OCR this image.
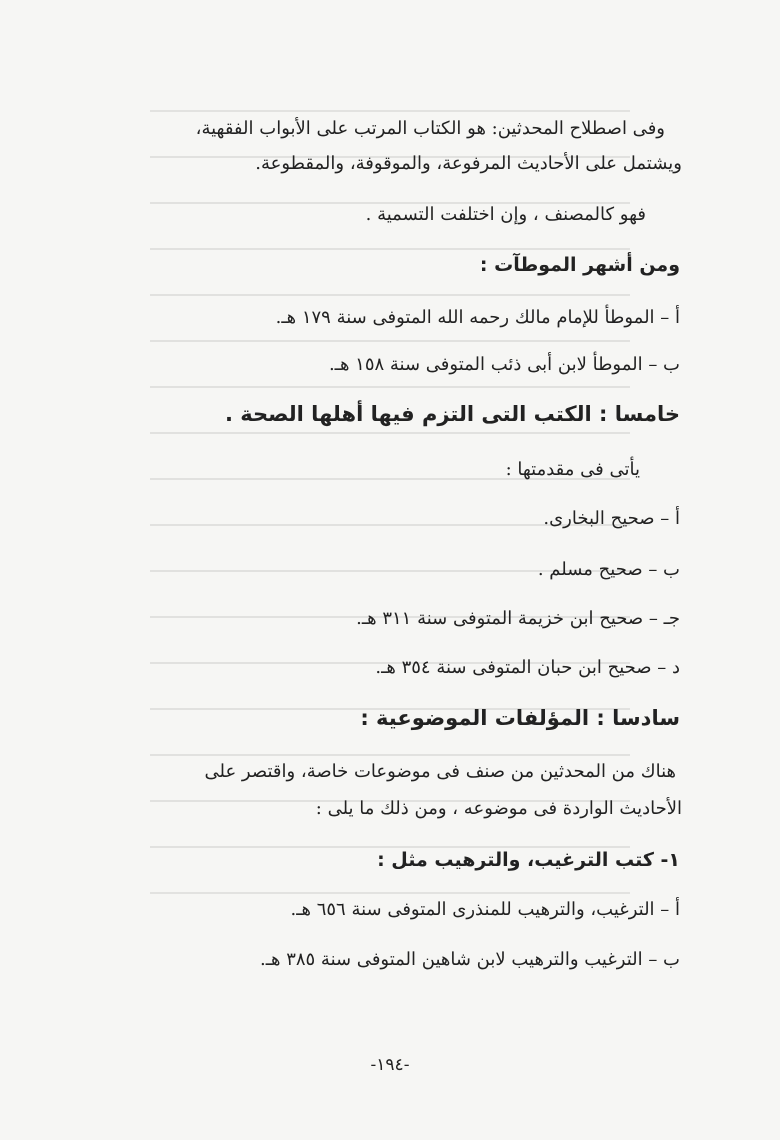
وفى اصطلاح المحدثين: هو الكتاب المرتب على الأبواب الفقهية،
ويشتمل على الأحاديث المرفوعة، والموقوفة، والمقطوعة.
فهو كالمصنف ، وإن اختلفت التسمية .
ومن أشهر الموطآت :
أ – الموطأ للإمام مالك رحمه الله المتوفى سنة ١٧٩ هـ.
ب – الموطأ لابن أبى ذئب المتوفى سنة ١٥٨ هـ.
خامسا : الكتب التى التزم فيها أهلها الصحة .
يأتى فى مقدمتها :
أ – صحيح البخارى.
ب – صحيح مسلم .
جـ – صحيح ابن خزيمة المتوفى سنة ٣١١ هـ.
د – صحيح ابن حبان المتوفى سنة ٣٥٤ هـ.
سادسا : المؤلفات الموضوعية :
هناك من المحدثين من صنف فى موضوعات خاصة، واقتصر على
الأحاديث الواردة فى موضوعه ، ومن ذلك ما يلى :
١- كتب الترغيب، والترهيب مثل :
أ – الترغيب، والترهيب للمنذرى المتوفى سنة ٦٥٦ هـ.
ب – الترغيب والترهيب لابن شاهين المتوفى سنة ٣٨٥ هـ.
-١٩٤-
